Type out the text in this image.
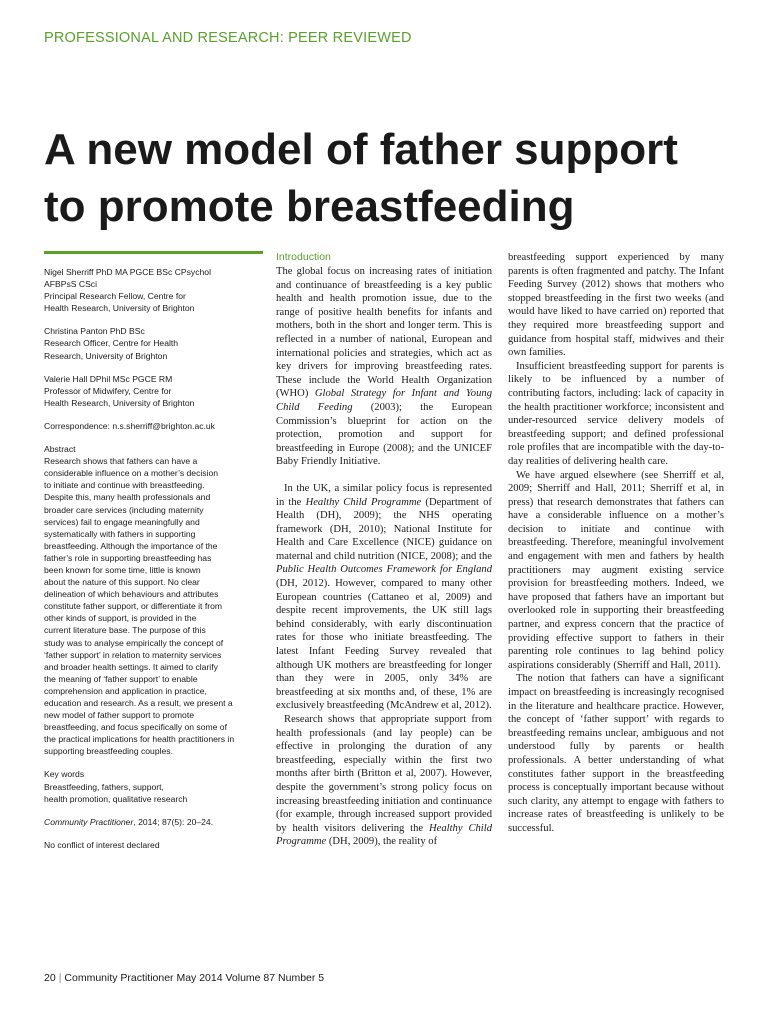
PROFESSIONAL AND RESEARCH: PEER REVIEWED
A new model of father support
to promote breastfeeding
Nigel Sherriff PhD MA PGCE BSc CPsychol
AFBPsS CSci
Principal Research Fellow, Centre for
Health Research, University of Brighton
Christina Panton PhD BSc
Research Officer, Centre for Health
Research, University of Brighton
Valerie Hall DPhil MSc PGCE RM
Professor of Midwifery, Centre for
Health Research, University of Brighton
Correspondence: n.s.sherriff@brighton.ac.uk
Abstract
Research shows that fathers can have a
considerable influence on a mother’s decision
to initiate and continue with breastfeeding.
Despite this, many health professionals and
broader care services (including maternity
services) fail to engage meaningfully and
systematically with fathers in supporting
breastfeeding. Although the importance of the
father’s role in supporting breastfeeding has
been known for some time, little is known
about the nature of this support. No clear
delineation of which behaviours and attributes
constitute father support, or differentiate it from
other kinds of support, is provided in the
current literature base. The purpose of this
study was to analyse empirically the concept of
‘father support’ in relation to maternity services
and broader health settings. It aimed to clarify
the meaning of ‘father support’ to enable
comprehension and application in practice,
education and research. As a result, we present a
new model of father support to promote
breastfeeding, and focus specifically on some of
the practical implications for health practitioners in
supporting breastfeeding couples.
Key words
Breastfeeding, fathers, support,
health promotion, qualitative research
Community Practitioner, 2014; 87(5): 20–24.
No conflict of interest declared
Introduction

The global focus on increasing rates of initiation and continuance of breastfeeding is a key public health and health promotion issue, due to the range of positive health benefits for infants and mothers, both in the short and longer term. This is reflected in a number of national, European and international policies and strategies, which act as key drivers for improving breastfeeding rates. These include the World Health Organization (WHO) Global Strategy for Infant and Young Child Feeding (2003); the European Commission’s blueprint for action on the protection, promotion and support for breastfeeding in Europe (2008); and the UNICEF Baby Friendly Initiative.

In the UK, a similar policy focus is represented in the Healthy Child Programme (Department of Health (DH), 2009); the NHS operating framework (DH, 2010); National Institute for Health and Care Excellence (NICE) guidance on maternal and child nutrition (NICE, 2008); and the Public Health Outcomes Framework for England (DH, 2012). However, compared to many other European countries (Cattaneo et al, 2009) and despite recent improvements, the UK still lags behind considerably, with early discontinuation rates for those who initiate breastfeeding. The latest Infant Feeding Survey revealed that although UK mothers are breastfeeding for longer than they were in 2005, only 34% are breastfeeding at six months and, of these, 1% are exclusively breastfeeding (McAndrew et al, 2012).

Research shows that appropriate support from health professionals (and lay people) can be effective in prolonging the duration of any breastfeeding, especially within the first two months after birth (Britton et al, 2007). However, despite the government’s strong policy focus on increasing breastfeeding initiation and continuance (for example, through increased support provided by health visitors delivering the Healthy Child Programme (DH, 2009), the reality of

breastfeeding support experienced by many parents is often fragmented and patchy. The Infant Feeding Survey (2012) shows that mothers who stopped breastfeeding in the first two weeks (and would have liked to have carried on) reported that they required more breastfeeding support and guidance from hospital staff, midwives and their own families.

Insufficient breastfeeding support for parents is likely to be influenced by a number of contributing factors, including: lack of capacity in the health practitioner workforce; inconsistent and under-resourced service delivery models of breastfeeding support; and defined professional role profiles that are incompatible with the day-to-day realities of delivering health care.

We have argued elsewhere (see Sherriff et al, 2009; Sherriff and Hall, 2011; Sherriff et al, in press) that research demonstrates that fathers can have a considerable influence on a mother’s decision to initiate and continue with breastfeeding. Therefore, meaningful involvement and engagement with men and fathers by health practitioners may augment existing service provision for breastfeeding mothers. Indeed, we have proposed that fathers have an important but overlooked role in supporting their breastfeeding partner, and express concern that the practice of providing effective support to fathers in their parenting role continues to lag behind policy aspirations considerably (Sherriff and Hall, 2011).

The notion that fathers can have a significant impact on breastfeeding is increasingly recognised in the literature and healthcare practice. However, the concept of ‘father support’ with regards to breastfeeding remains unclear, ambiguous and not understood fully by parents or health professionals. A better understanding of what constitutes father support in the breastfeeding process is conceptually important because without such clarity, any attempt to engage with fathers to increase rates of breastfeeding is unlikely to be successful.

20 | Community Practitioner May 2014 Volume 87 Number 5
